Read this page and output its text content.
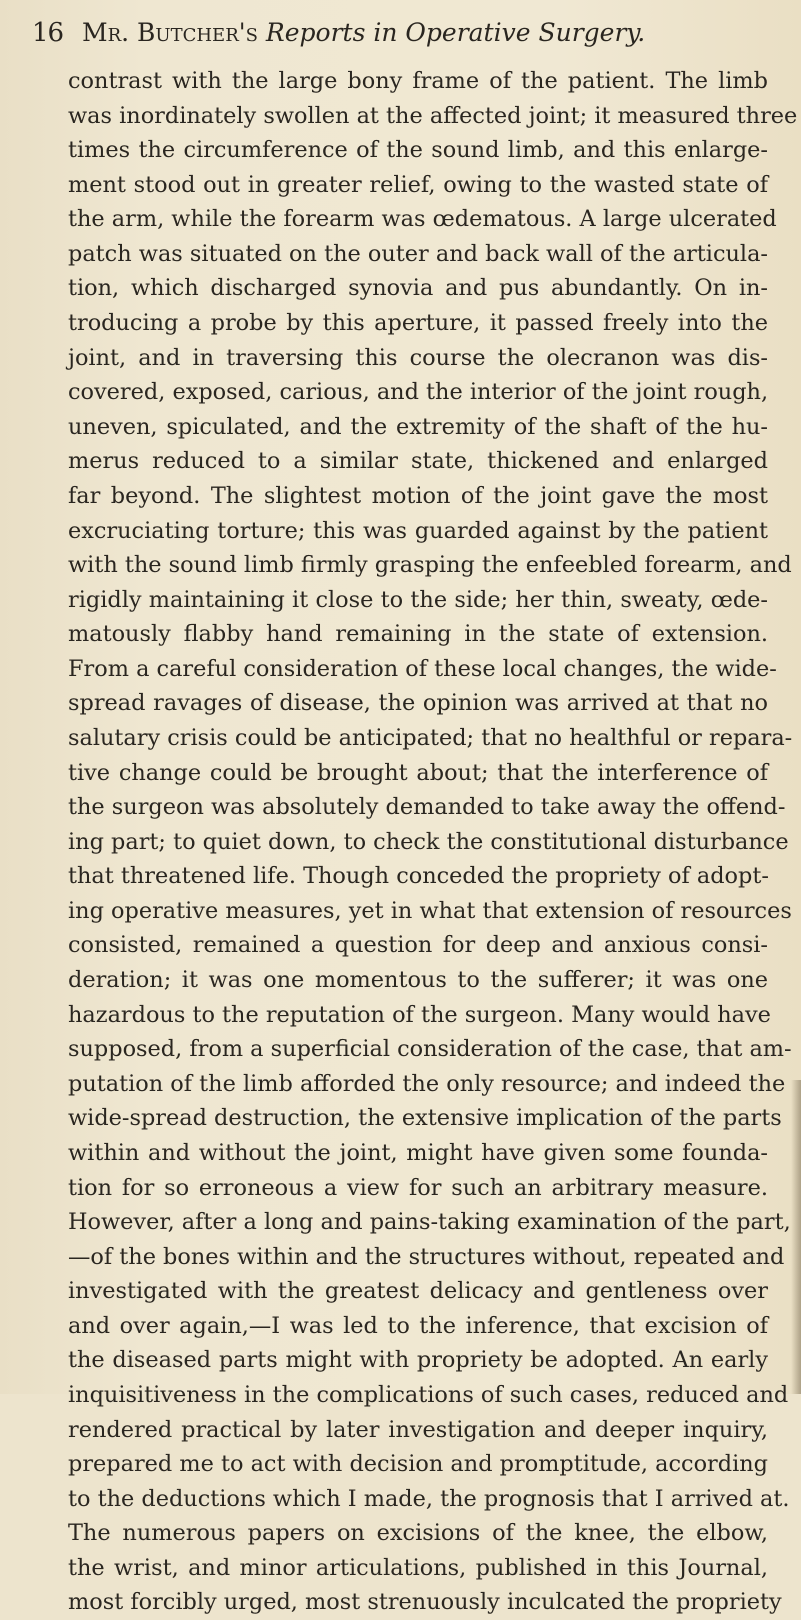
16 Mr. Butcher's Reports in Operative Surgery.
contrast with the large bony frame of the patient. The limb
was inordinately swollen at the affected joint; it measured three
times the circumference of the sound limb, and this enlarge-
ment stood out in greater relief, owing to the wasted state of
the arm, while the forearm was œdematous. A large ulcerated
patch was situated on the outer and back wall of the articula-
tion, which discharged synovia and pus abundantly. On in-
troducing a probe by this aperture, it passed freely into the
joint, and in traversing this course the olecranon was dis-
covered, exposed, carious, and the interior of the joint rough,
uneven, spiculated, and the extremity of the shaft of the hu-
merus reduced to a similar state, thickened and enlarged
far beyond. The slightest motion of the joint gave the most
excruciating torture; this was guarded against by the patient
with the sound limb firmly grasping the enfeebled forearm, and
rigidly maintaining it close to the side; her thin, sweaty, œde-
matously flabby hand remaining in the state of extension.
From a careful consideration of these local changes, the wide-
spread ravages of disease, the opinion was arrived at that no
salutary crisis could be anticipated; that no healthful or repara-
tive change could be brought about; that the interference of
the surgeon was absolutely demanded to take away the offend-
ing part; to quiet down, to check the constitutional disturbance
that threatened life. Though conceded the propriety of adopt-
ing operative measures, yet in what that extension of resources
consisted, remained a question for deep and anxious consi-
deration; it was one momentous to the sufferer; it was one
hazardous to the reputation of the surgeon. Many would have
supposed, from a superficial consideration of the case, that am-
putation of the limb afforded the only resource; and indeed the
wide-spread destruction, the extensive implication of the parts
within and without the joint, might have given some founda-
tion for so erroneous a view for such an arbitrary measure.
However, after a long and pains-taking examination of the part,
—of the bones within and the structures without, repeated and
investigated with the greatest delicacy and gentleness over
and over again,—I was led to the inference, that excision of
the diseased parts might with propriety be adopted. An early
inquisitiveness in the complications of such cases, reduced and
rendered practical by later investigation and deeper inquiry,
prepared me to act with decision and promptitude, according
to the deductions which I made, the prognosis that I arrived at.
The numerous papers on excisions of the knee, the elbow,
the wrist, and minor articulations, published in this Journal,
most forcibly urged, most strenuously inculcated the propriety
